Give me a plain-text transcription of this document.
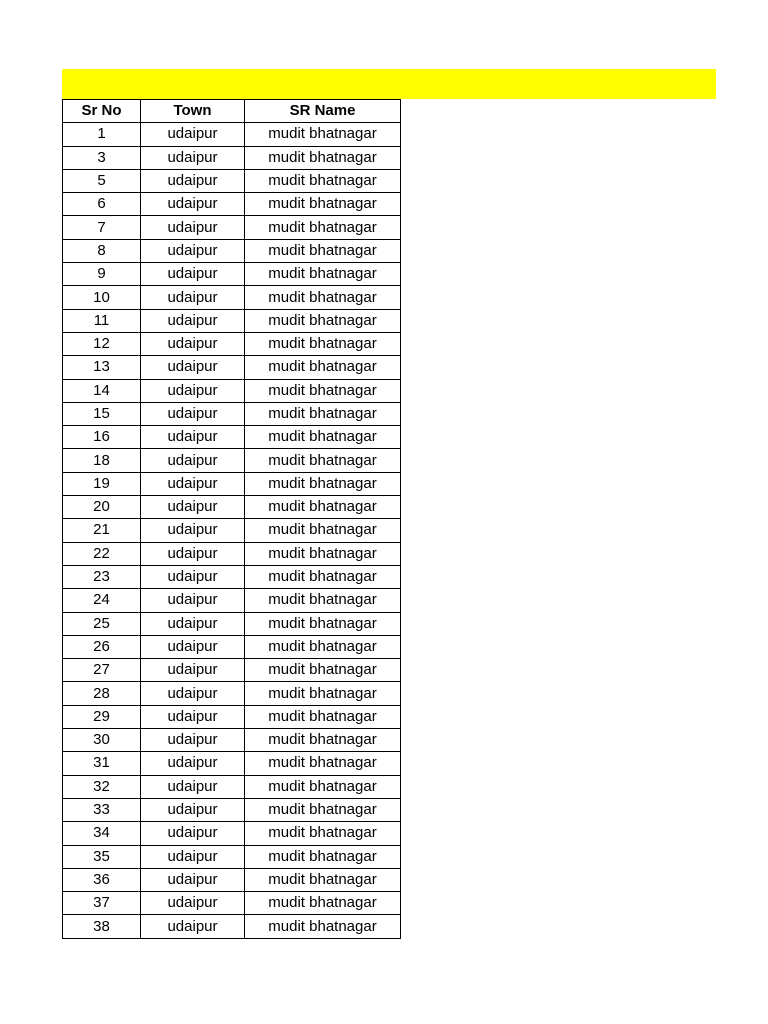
Sr No	Town	SR Name
1	udaipur	mudit bhatnagar
3	udaipur	mudit bhatnagar
5	udaipur	mudit bhatnagar
6	udaipur	mudit bhatnagar
7	udaipur	mudit bhatnagar
8	udaipur	mudit bhatnagar
9	udaipur	mudit bhatnagar
10	udaipur	mudit bhatnagar
11	udaipur	mudit bhatnagar
12	udaipur	mudit bhatnagar
13	udaipur	mudit bhatnagar
14	udaipur	mudit bhatnagar
15	udaipur	mudit bhatnagar
16	udaipur	mudit bhatnagar
18	udaipur	mudit bhatnagar
19	udaipur	mudit bhatnagar
20	udaipur	mudit bhatnagar
21	udaipur	mudit bhatnagar
22	udaipur	mudit bhatnagar
23	udaipur	mudit bhatnagar
24	udaipur	mudit bhatnagar
25	udaipur	mudit bhatnagar
26	udaipur	mudit bhatnagar
27	udaipur	mudit bhatnagar
28	udaipur	mudit bhatnagar
29	udaipur	mudit bhatnagar
30	udaipur	mudit bhatnagar
31	udaipur	mudit bhatnagar
32	udaipur	mudit bhatnagar
33	udaipur	mudit bhatnagar
34	udaipur	mudit bhatnagar
35	udaipur	mudit bhatnagar
36	udaipur	mudit bhatnagar
37	udaipur	mudit bhatnagar
38	udaipur	mudit bhatnagar
